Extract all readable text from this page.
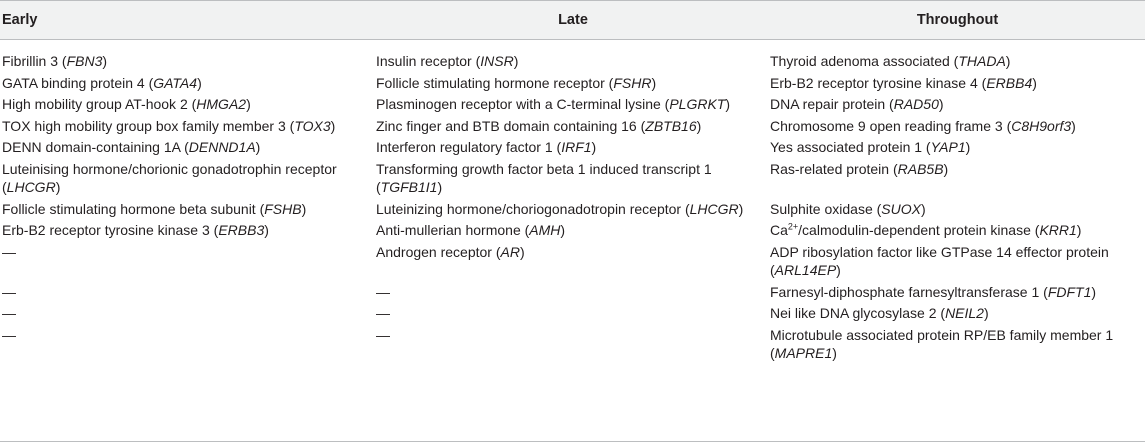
Early	Late	Throughout

Fibrillin 3 (FBN3)	Insulin receptor (INSR)	Thyroid adenoma associated (THADA)
GATA binding protein 4 (GATA4)	Follicle stimulating hormone receptor (FSHR)	Erb-B2 receptor tyrosine kinase 4 (ERBB4)
High mobility group AT-hook 2 (HMGA2)	Plasminogen receptor with a C-terminal lysine (PLGRKT)	DNA repair protein (RAD50)
TOX high mobility group box family member 3 (TOX3)	Zinc finger and BTB domain containing 16 (ZBTB16)	Chromosome 9 open reading frame 3 (C8H9orf3)
DENN domain-containing 1A (DENND1A)	Interferon regulatory factor 1 (IRF1)	Yes associated protein 1 (YAP1)
Luteinising hormone/chorionic gonadotrophin receptor (LHCGR)	Transforming growth factor beta 1 induced transcript 1 (TGFB1I1)	Ras-related protein (RAB5B)
Follicle stimulating hormone beta subunit (FSHB)	Luteinizing hormone/choriogonadotropin receptor (LHCGR)	Sulphite oxidase (SUOX)
Erb-B2 receptor tyrosine kinase 3 (ERBB3)	Anti-mullerian hormone (AMH)	$Ca^{2+}/calmodulin$-dependent protein kinase (KRR1)
—	Androgen receptor (AR)	ADP ribosylation factor like GTPase 14 effector protein (ARL14EP)
—	—	Farnesyl-diphosphate farnesyltransferase 1 (FDFT1)
—	—	Nei like DNA glycosylase 2 (NEIL2)
—	—	Microtubule associated protein RP/EB family member 1 (MAPRE1)
